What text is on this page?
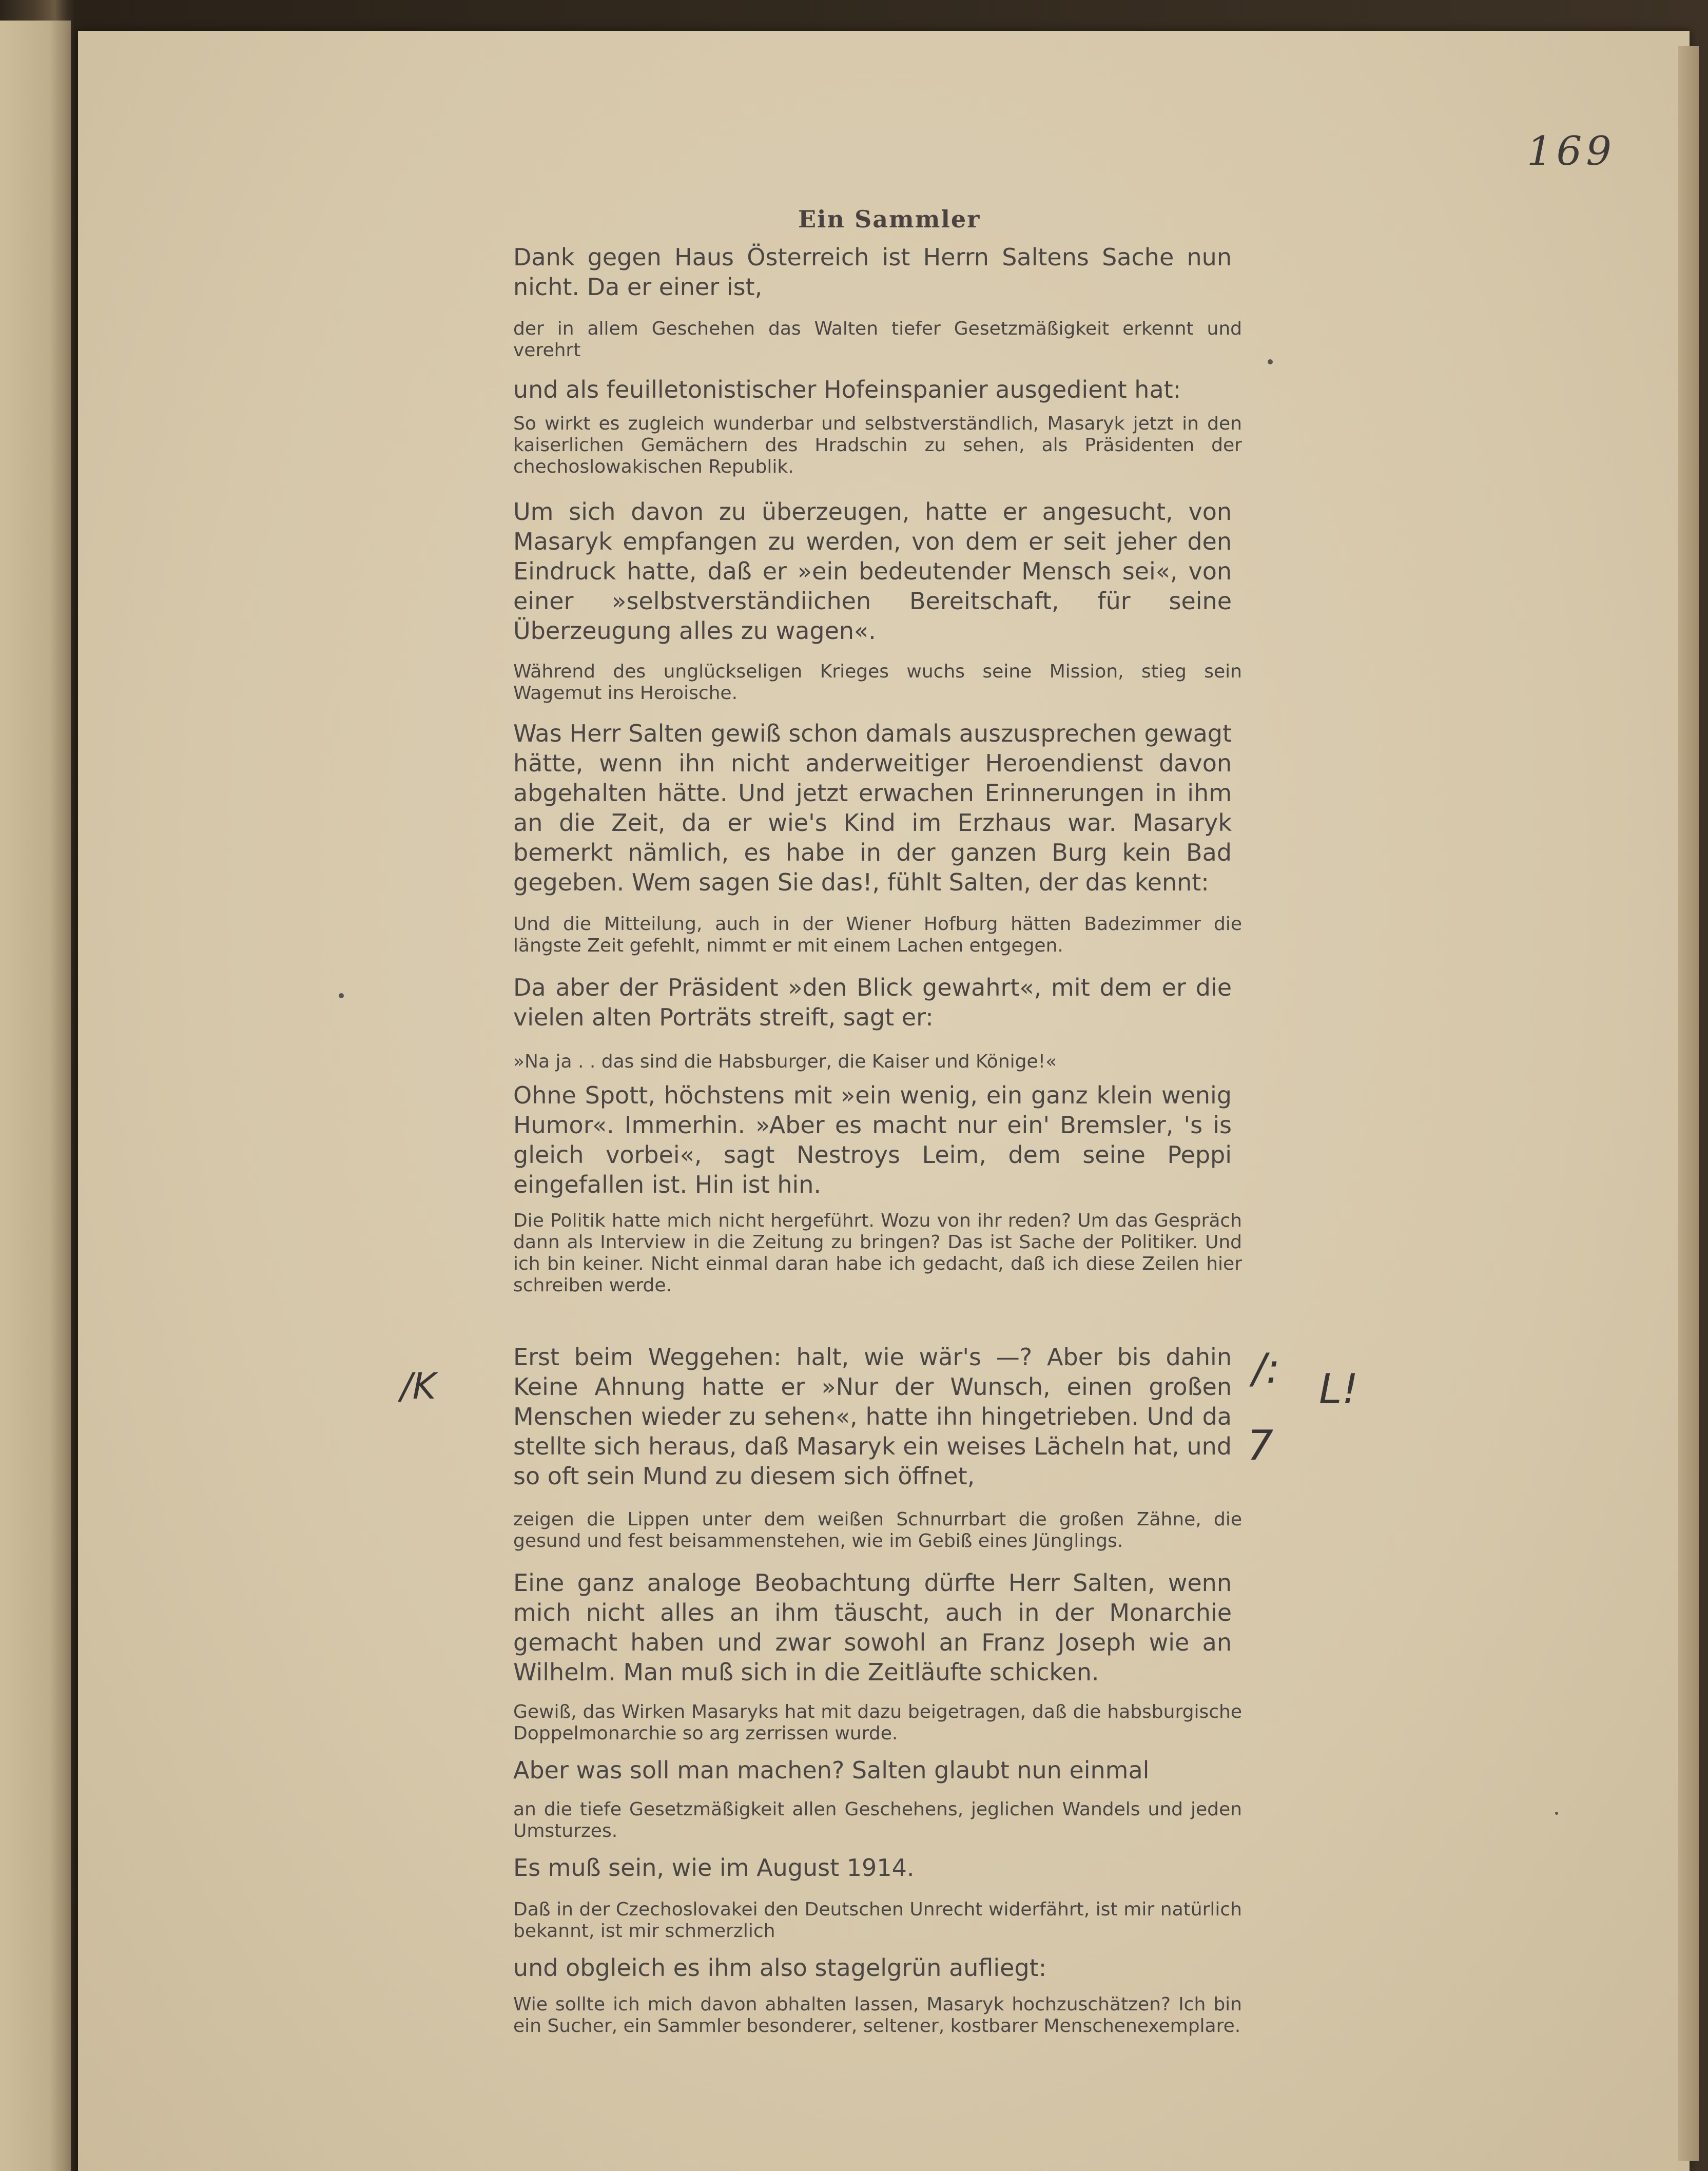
169
Ein Sammler

Dank gegen Haus Österreich ist Herrn Saltens Sache nun nicht. Da er einer ist,

der in allem Geschehen das Walten tiefer Gesetzmäßigkeit erkennt und verehrt

und als feuilletonistischer Hofeinspanier ausgedient hat:

So wirkt es zugleich wunderbar und selbstverständlich, Masaryk jetzt in den kaiserlichen Gemächern des Hradschin zu sehen, als Präsidenten der chechoslowakischen Republik.

Um sich davon zu überzeugen, hatte er angesucht, von Masaryk empfangen zu werden, von dem er seit jeher den Eindruck hatte, daß er »ein bedeutender Mensch sei«, von einer »selbstverständiichen Bereitschaft, für seine Überzeugung alles zu wagen«.

Während des unglückseligen Krieges wuchs seine Mission, stieg sein Wagemut ins Heroische.

Was Herr Salten gewiß schon damals auszusprechen gewagt hätte, wenn ihn nicht anderweitiger Heroendienst davon abgehalten hätte. Und jetzt erwachen Erinnerungen in ihm an die Zeit, da er wie's Kind im Erzhaus war. Masaryk bemerkt nämlich, es habe in der ganzen Burg kein Bad gegeben. Wem sagen Sie das!, fühlt Salten, der das kennt:

Und die Mitteilung, auch in der Wiener Hofburg hätten Badezimmer die längste Zeit gefehlt, nimmt er mit einem Lachen entgegen.

Da aber der Präsident »den Blick gewahrt«, mit dem er die vielen alten Porträts streift, sagt er:

»Na ja . . das sind die Habsburger, die Kaiser und Könige!«

Ohne Spott, höchstens mit »ein wenig, ein ganz klein wenig Humor«. Immerhin. »Aber es macht nur ein' Bremsler, 's is gleich vorbei«, sagt Nestroys Leim, dem seine Peppi eingefallen ist. Hin ist hin.

Die Politik hatte mich nicht hergeführt. Wozu von ihr reden? Um das Gespräch dann als Interview in die Zeitung zu bringen? Das ist Sache der Politiker. Und ich bin keiner. Nicht einmal daran habe ich gedacht, daß ich diese Zeilen hier schreiben werde.

Erst beim Weggehen: halt, wie wär's —? Aber bis dahin Keine Ahnung hatte er »Nur der Wunsch, einen großen Menschen wieder zu sehen«, hatte ihn hingetrieben. Und da stellte sich heraus, daß Masaryk ein weises Lächeln hat, und so oft sein Mund zu diesem sich öffnet,

zeigen die Lippen unter dem weißen Schnurrbart die großen Zähne, die gesund und fest beisammenstehen, wie im Gebiß eines Jünglings.

Eine ganz analoge Beobachtung dürfte Herr Salten, wenn mich nicht alles an ihm täuscht, auch in der Monarchie gemacht haben und zwar sowohl an Franz Joseph wie an Wilhelm. Man muß sich in die Zeitläufte schicken.

Gewiß, das Wirken Masaryks hat mit dazu beigetragen, daß die habsburgische Doppelmonarchie so arg zerrissen wurde.

Aber was soll man machen? Salten glaubt nun einmal

an die tiefe Gesetzmäßigkeit allen Geschehens, jeglichen Wandels und jeden Umsturzes.

Es muß sein, wie im August 1914.

Daß in der Czechoslovakei den Deutschen Unrecht widerfährt, ist mir natürlich bekannt, ist mir schmerzlich

und obgleich es ihm also stagelgrün aufliegt:

Wie sollte ich mich davon abhalten lassen, Masaryk hochzuschätzen? Ich bin ein Sucher, ein Sammler besonderer, seltener, kostbarer Menschenexemplare.

/K	/: L!
7
